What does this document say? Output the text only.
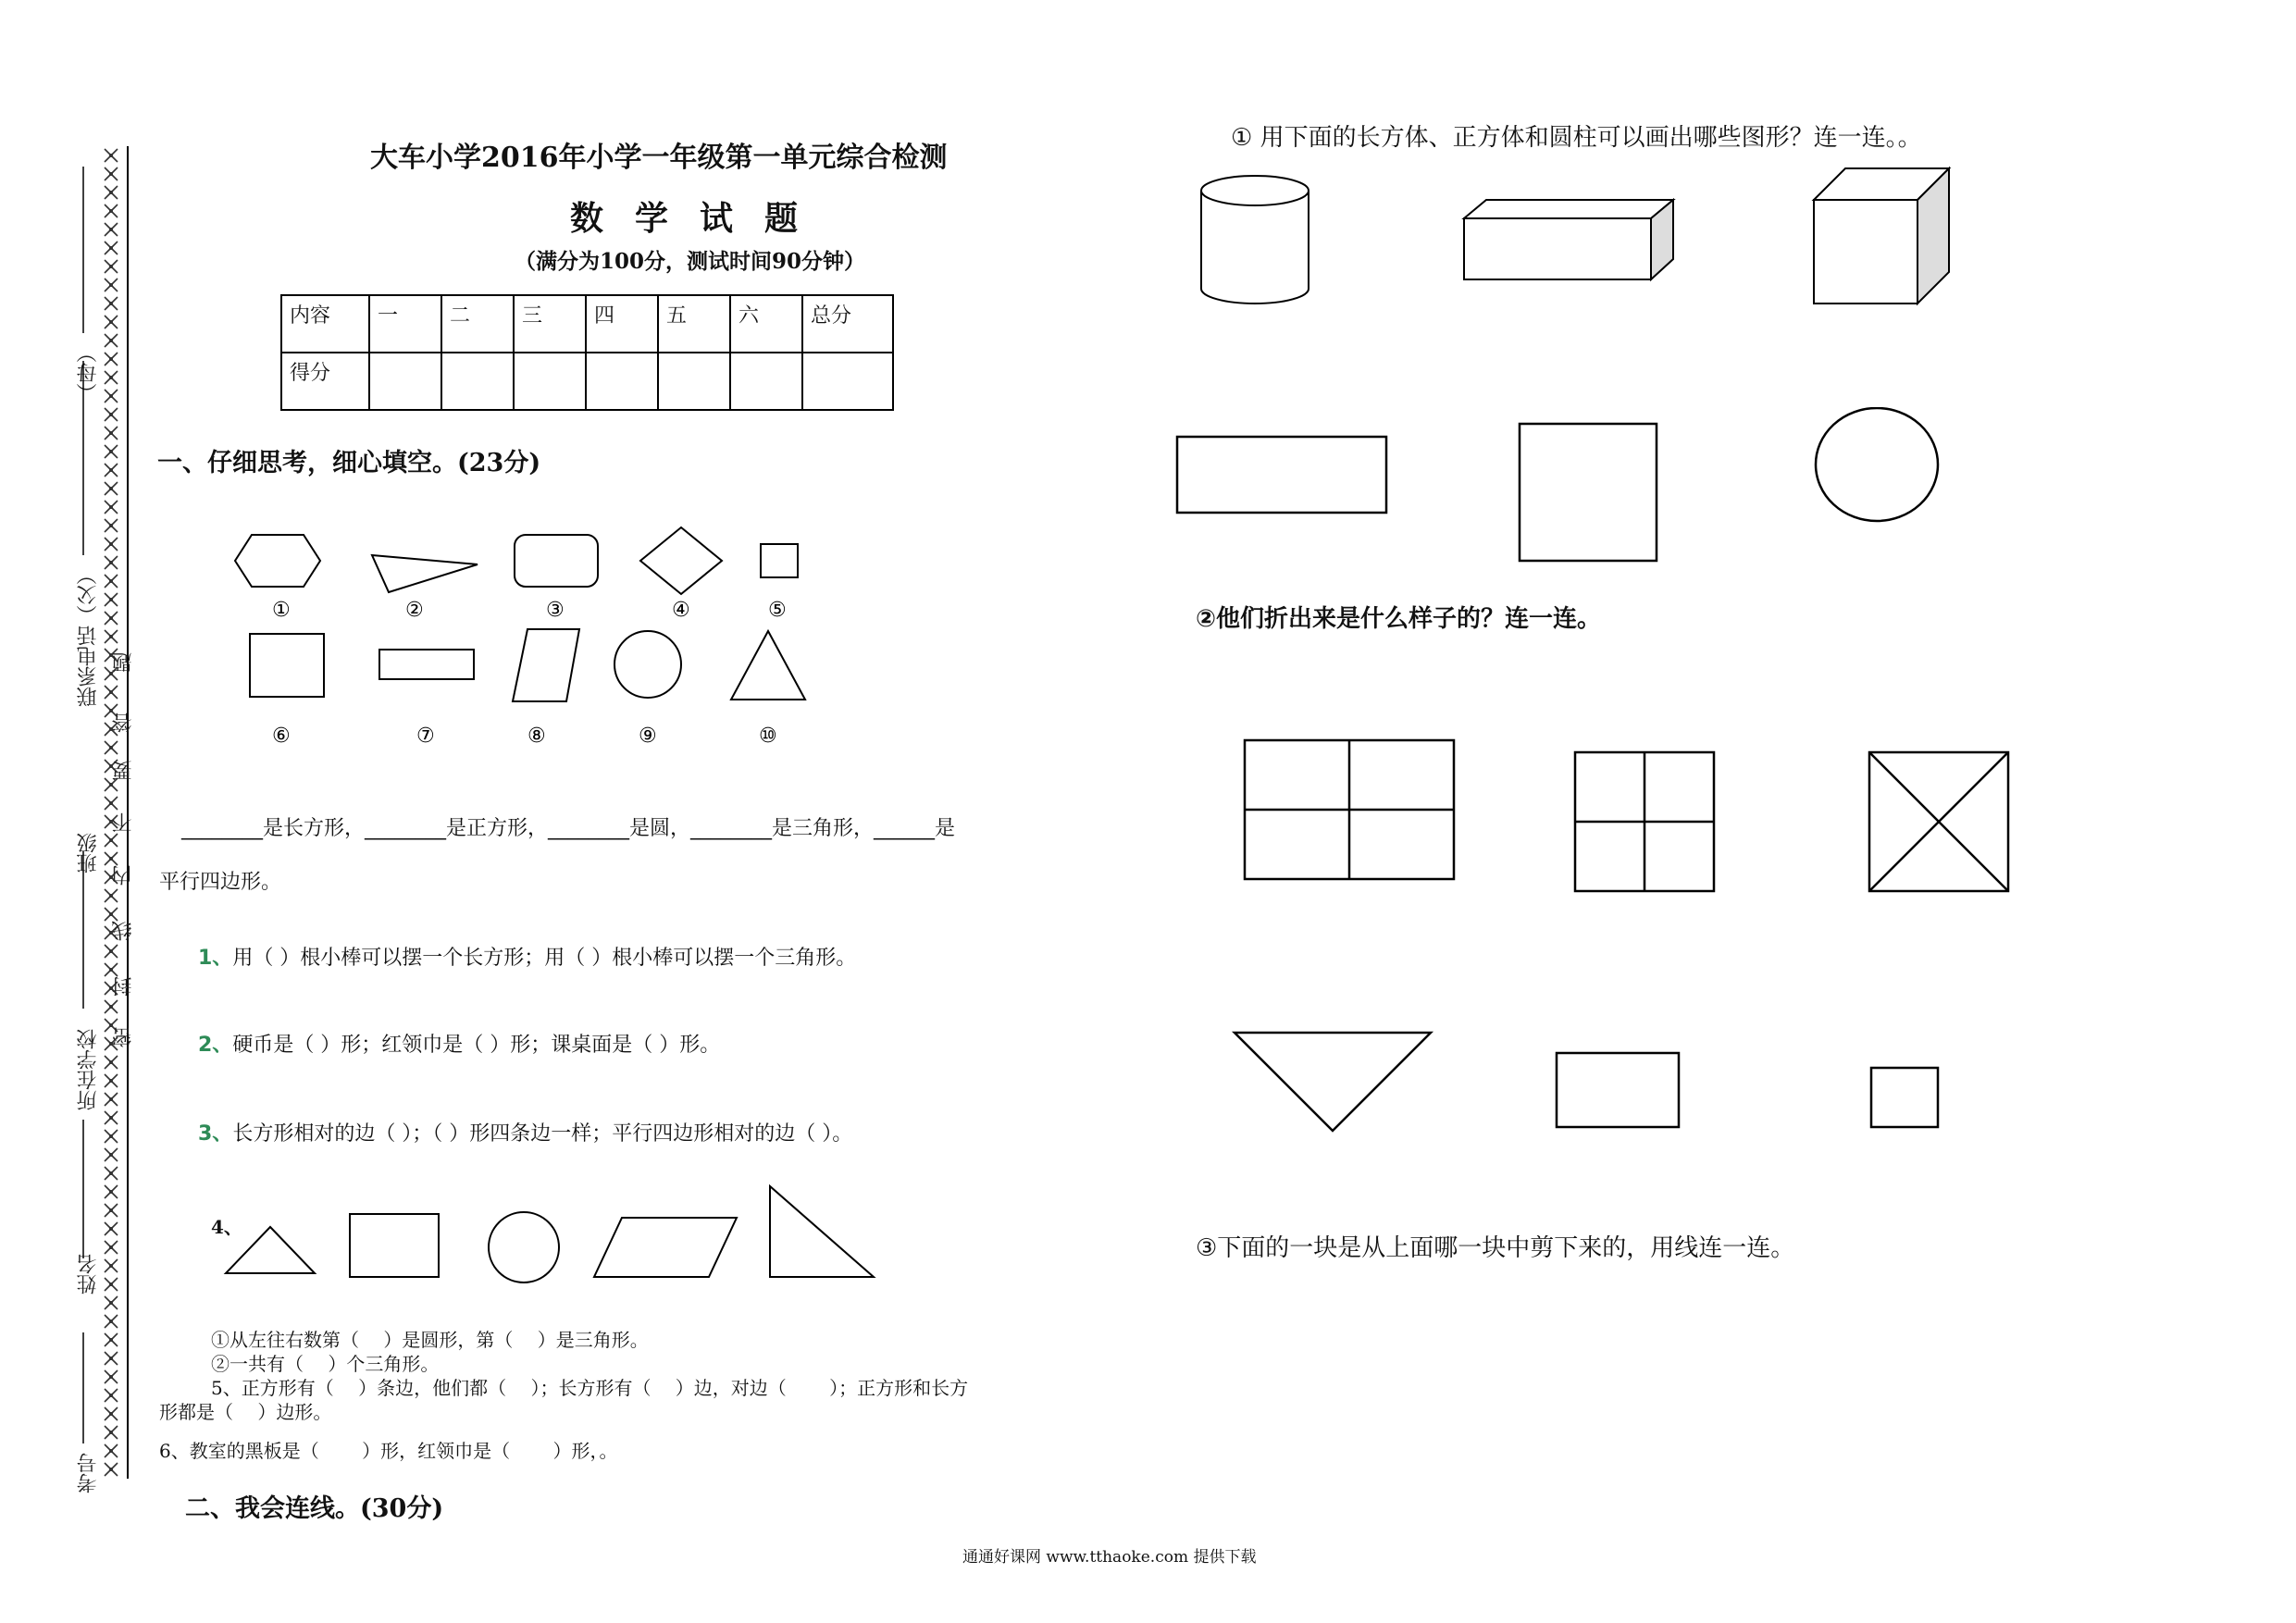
（母）
联系电话（父）
班级
所在学校
姓名
考号
题
答
要
不
内
线
封
密
大车小学2016年小学一年级第一单元综合检测
数学试题
（满分为100分，测试时间90分钟）
内容	一	二	三	四	五	六	总分
得分							
一、仔细思考，细心填空。(23分)
①	②	③	④	⑤
⑥	⑦	⑧	⑨	⑩
________是长方形，________是正方形，________是圆，________是三角形，______是
平行四边形。
1、用（ ）根小棒可以摆一个长方形；用（ ）根小棒可以摆一个三角形。
2、硬币是（ ）形；红领巾是（ ）形；课桌面是（ ）形。
3、长方形相对的边（ ）；（ ）形四条边一样；平行四边形相对的边（ ）。
4、
①从左往右数第（　 ）是圆形，第（　 ）是三角形。
②一共有（　 ）个三角形。
5、正方形有（　 ）条边，他们都（　 ）；长方形有（　 ）边，对边（　　 ）；正方形和长方
形都是（　 ）边形。
6、教室的黑板是（　　 ）形，红领巾是（　　 ）形，。
二、我会连线。(30分)
① 用下面的长方体、正方体和圆柱可以画出哪些图形？连一连。。
②他们折出来是什么样子的？连一连。
③下面的一块是从上面哪一块中剪下来的，用线连一连。
通通好课网 www.tthaoke.com 提供下载
